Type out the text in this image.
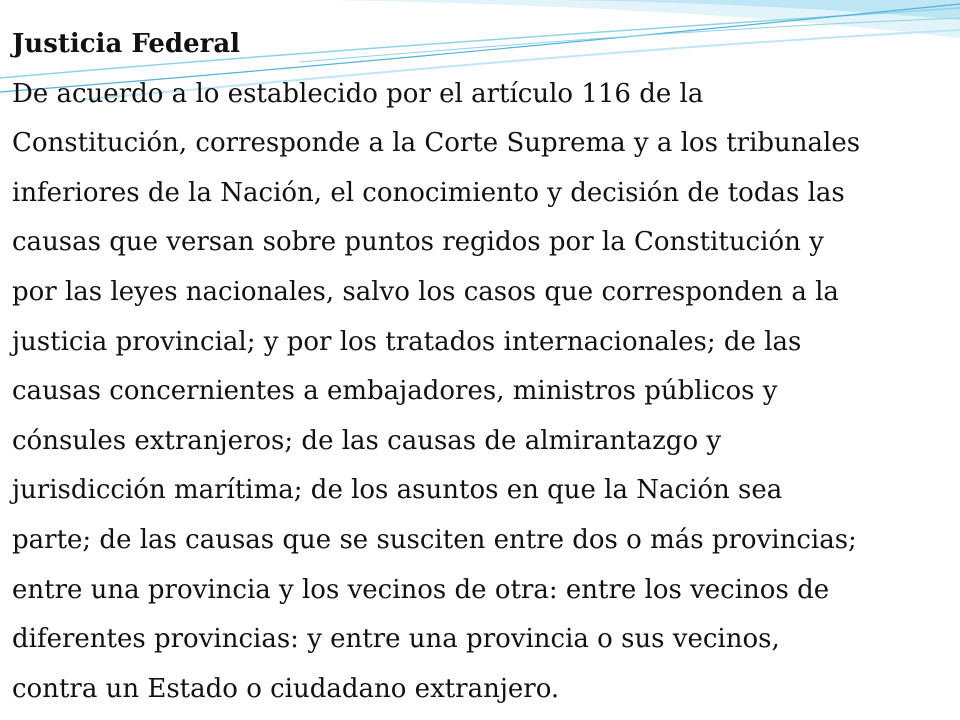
Justicia Federal
De acuerdo a lo establecido por el artículo 116 de la
Constitución, corresponde a la Corte Suprema y a los tribunales
inferiores de la Nación, el conocimiento y decisión de todas las
causas que versan sobre puntos regidos por la Constitución y
por las leyes nacionales, salvo los casos que corresponden a la
justicia provincial; y por los tratados internacionales; de las
causas concernientes a embajadores, ministros públicos y
cónsules extranjeros; de las causas de almirantazgo y
jurisdicción marítima; de los asuntos en que la Nación sea
parte; de las causas que se susciten entre dos o más provincias;
entre una provincia y los vecinos de otra: entre los vecinos de
diferentes provincias: y entre una provincia o sus vecinos,
contra un Estado o ciudadano extranjero.
